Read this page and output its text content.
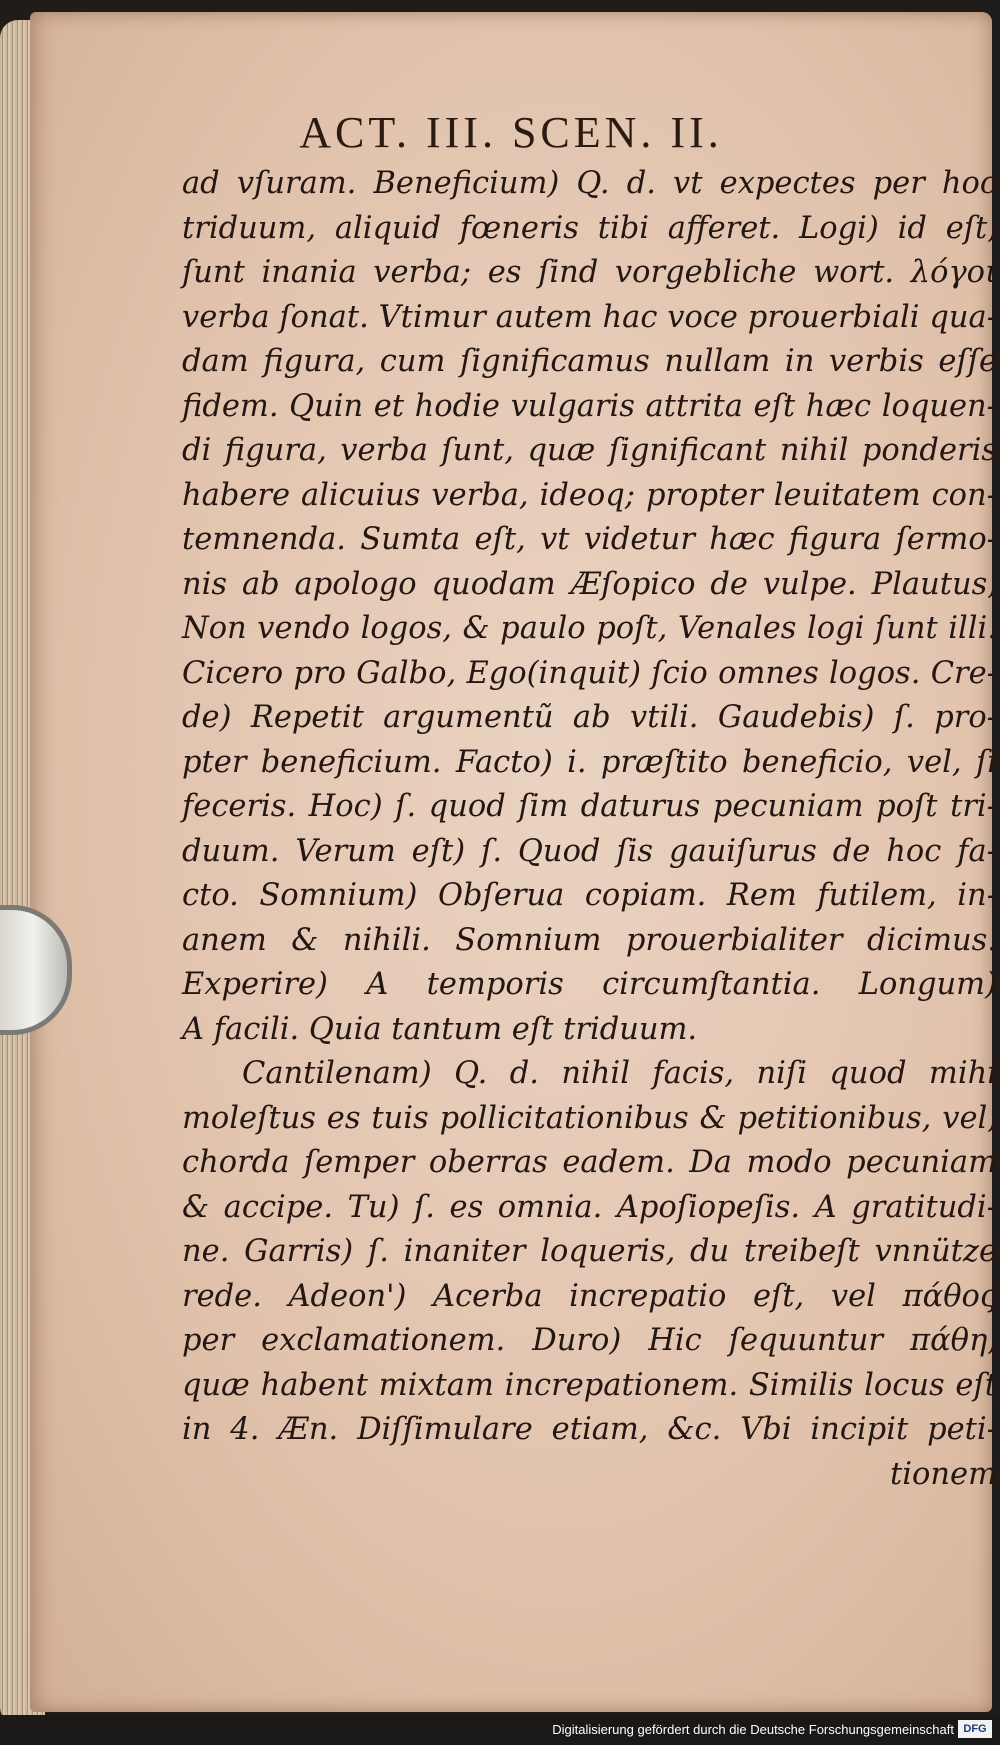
ACT. III. SCEN. II.
ad vſuram. Beneficium) Q. d. vt expectes per hoc
triduum, aliquid fœneris tibi afferet. Logi) id eſt,
ſunt inania verba; es ſind vorgebliche wort. λόγοι
verba ſonat. Vtimur autem hac voce prouerbiali qua-
dam figura, cum ſignificamus nullam in verbis eſſe
fidem. Quin et hodie vulgaris attrita eſt hæc loquen-
di figura, verba ſunt, quæ ſignificant nihil ponderis
habere alicuius verba, ideoq; propter leuitatem con-
temnenda. Sumta eſt, vt videtur hæc figura ſermo-
nis ab apologo quodam Æſopico de vulpe. Plautus,
Non vendo logos, & paulo poſt, Venales logi ſunt illi.
Cicero pro Galbo, Ego(inquit) ſcio omnes logos. Cre-
de) Repetit argumentũ ab vtili. Gaudebis) ſ. pro-
pter beneficium. Facto) i. præſtito beneficio, vel, ſi
feceris. Hoc) ſ. quod ſim daturus pecuniam poſt tri-
duum. Verum eſt) ſ. Quod ſis gauiſurus de hoc fa-
cto. Somnium) Obſerua copiam. Rem futilem, in-
anem & nihili. Somnium prouerbialiter dicimus.
Experire) A temporis circumſtantia. Longum)
A facili. Quia tantum eſt triduum.
Cantilenam) Q. d. nihil facis, niſi quod mihi
moleſtus es tuis pollicitationibus & petitionibus, vel,
chorda ſemper oberras eadem. Da modo pecuniam
& accipe. Tu) ſ. es omnia. Apoſiopeſis. A gratitudi-
ne. Garris) ſ. inaniter loqueris, du treibeſt vnnütze
rede. Adeon') Acerba increpatio eſt, vel πάθος
per exclamationem. Duro) Hic ſequuntur πάθη,
quæ habent mixtam increpationem. Similis locus eſt
in 4. Æn. Diſſimulare etiam, &c. Vbi incipit peti-
tionem
Digitalisierung gefördert durch die Deutsche Forschungsgemeinschaft DFG
